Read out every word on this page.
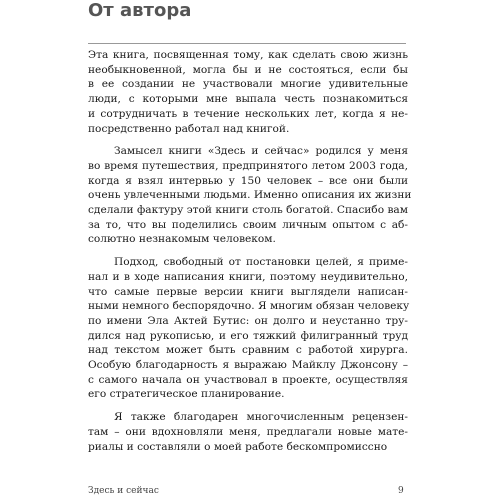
От автора
Эта книга, посвященная тому, как сделать свою жизнь
необыкновенной, могла бы и не состояться, если бы
в ее создании не участвовали многие удивительные
люди, с которыми мне выпала честь познакомиться
и сотрудничать в течение нескольких лет, когда я не-
посредственно работал над книгой.
Замысел книги «Здесь и сейчас» родился у меня
во время путешествия, предпринятого летом 2003 года,
когда я взял интервью у 150 человек – все они были
очень увлеченными людьми. Именно описания их жизни
сделали фактуру этой книги столь богатой. Спасибо вам
за то, что вы поделились своим личным опытом с аб-
солютно незнакомым человеком.
Подход, свободный от постановки целей, я приме-
нал и в ходе написания книги, поэтому неудивительно,
что самые первые версии книги выглядели написан-
ными немного беспорядочно. Я многим обязан человеку
по имени Эла Актей Бутис: он долго и неустанно тру-
дился над рукописью, и его тяжкий филигранный труд
над текстом может быть сравним с работой хирурга.
Особую благодарность я выражаю Майклу Джонсону –
с самого начала он участвовал в проекте, осуществляя
его стратегическое планирование.
Я также благодарен многочисленным рецензен-
там – они вдохновляли меня, предлагали новые мате-
риалы и составляли о моей работе бескомпромиссно
Здесь и сейчас	9
